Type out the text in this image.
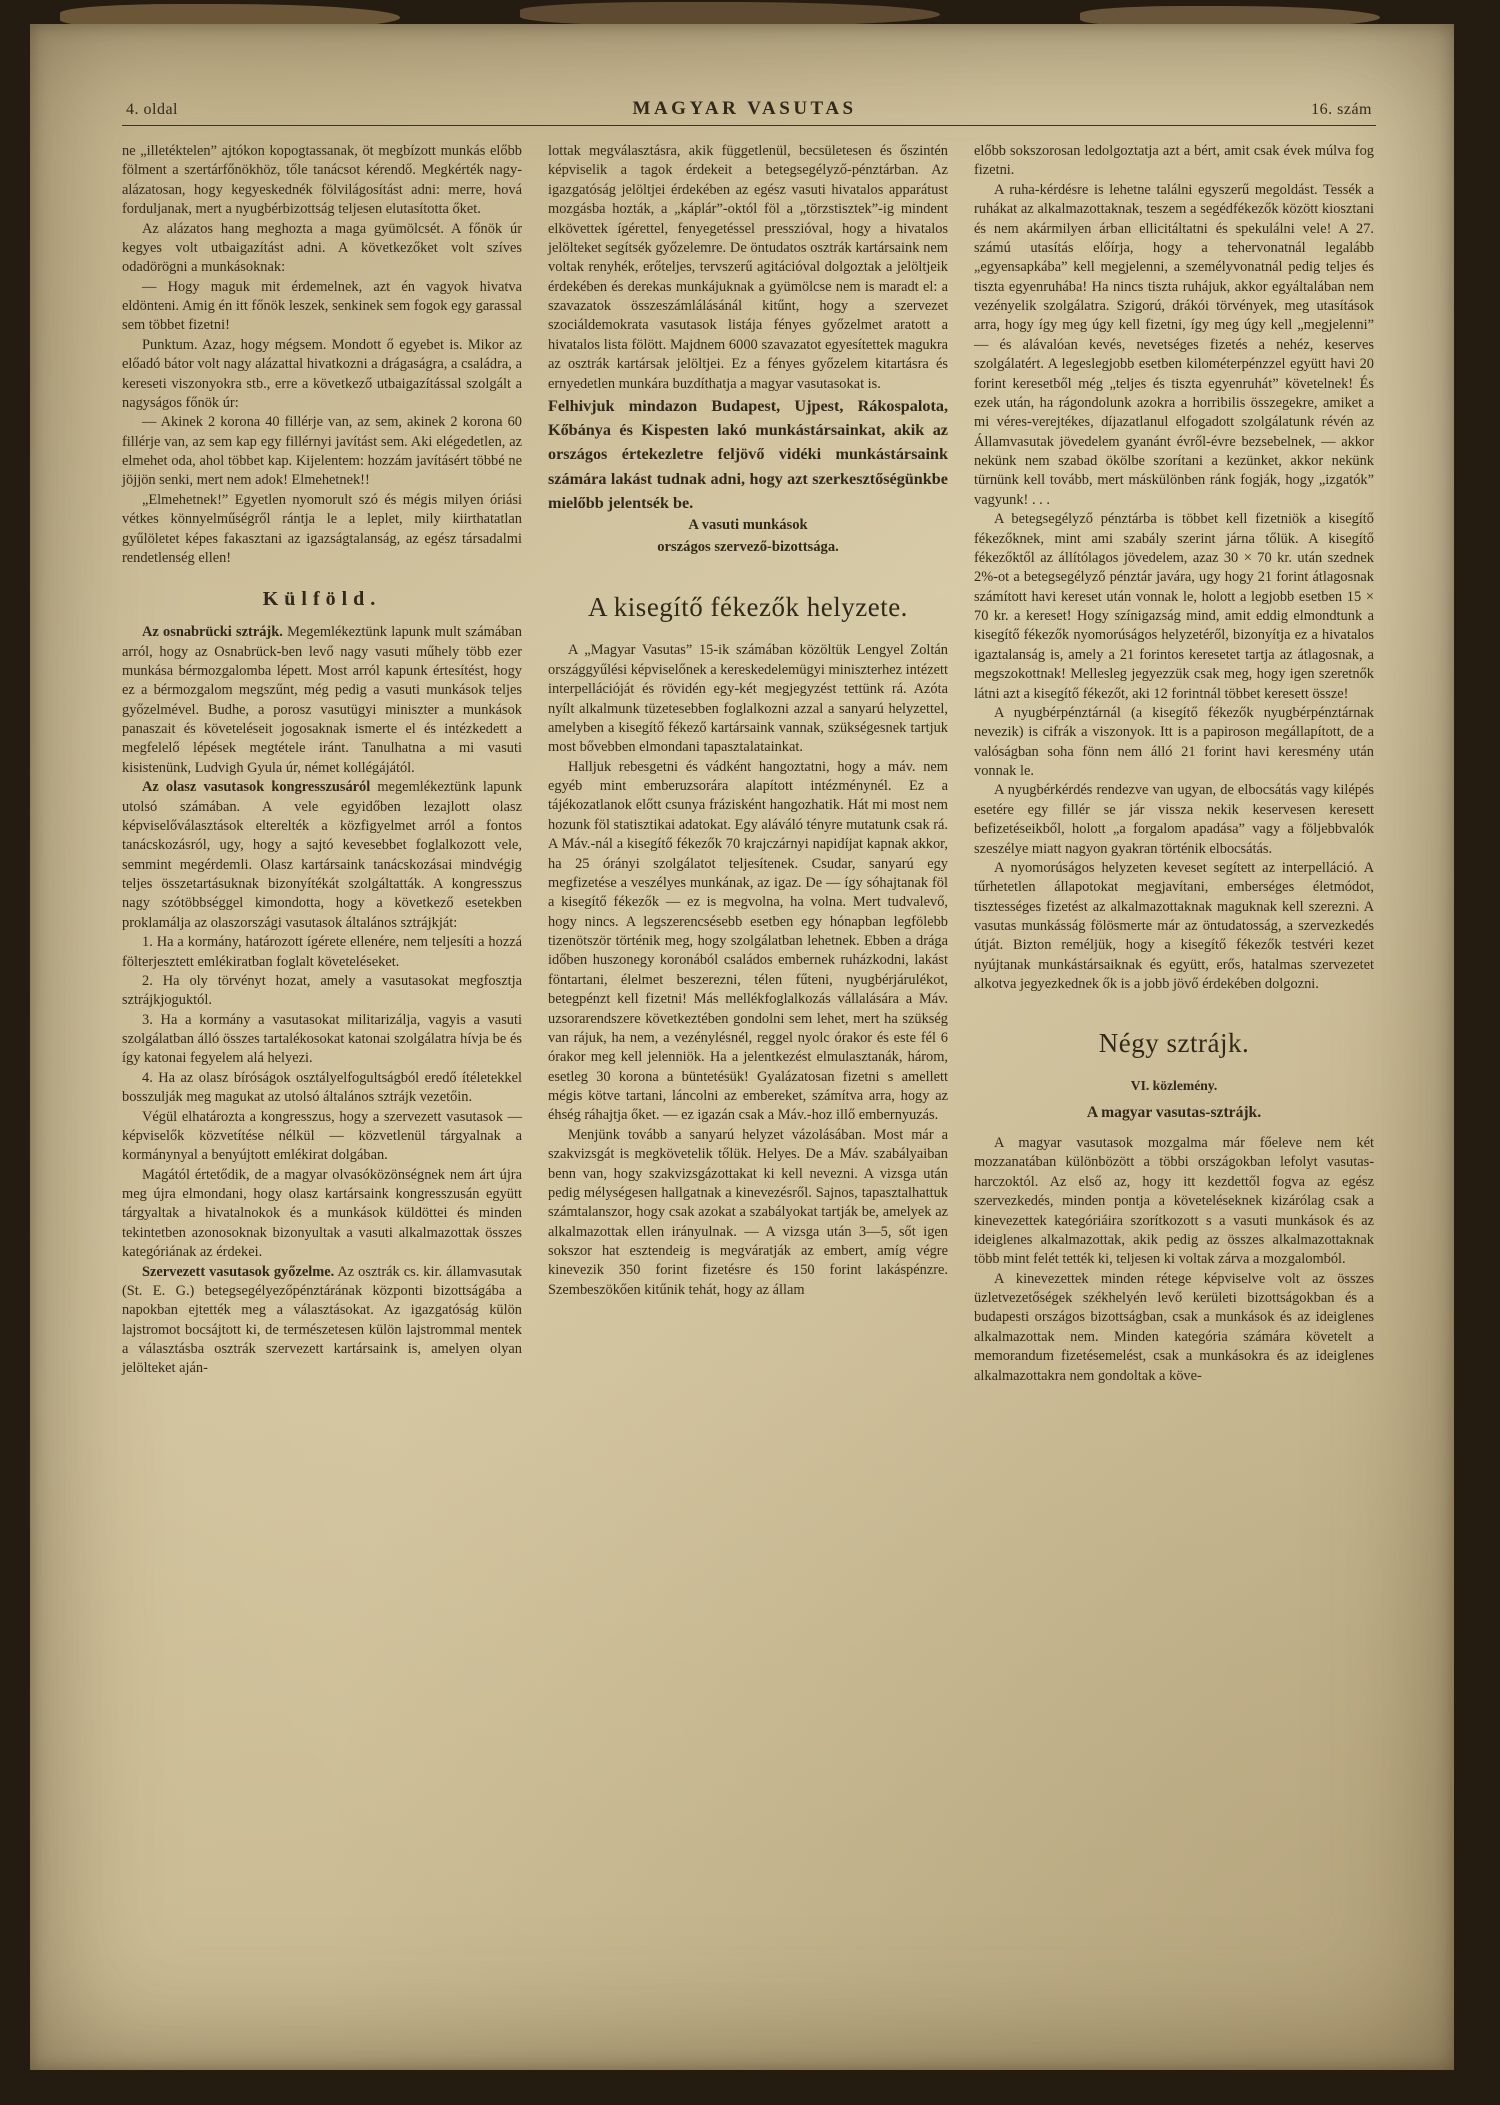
4. oldal	MAGYAR VASUTAS	16. szám

ne „illetéktelen” ajtókon kopogtassanak, öt megbízott munkás előbb fölment a szertárfőnökhöz, tőle tanácsot kérendő. Megkérték nagy-alázatosan, hogy kegyeskednék fölvilágosítást adni: merre, hová forduljanak, mert a nyugbérbizottság teljesen elutasította őket.

Az alázatos hang meghozta a maga gyümölcsét. A főnök úr kegyes volt utbaigazítást adni. A következőket volt szíves odadörögni a munkásoknak:

— Hogy maguk mit érdemelnek, azt én vagyok hivatva eldönteni. Amig én itt főnök leszek, senkinek sem fogok egy garassal sem többet fizetni!

Punktum. Azaz, hogy mégsem. Mondott ő egyebet is. Mikor az előadó bátor volt nagy alázattal hivatkozni a drágaságra, a családra, a kereseti viszonyokra stb., erre a következő utbaigazítással szolgált a nagyságos főnök úr:

— Akinek 2 korona 40 fillérje van, az sem, akinek 2 korona 60 fillérje van, az sem kap egy fillérnyi javítást sem. Aki elégedetlen, az elmehet oda, ahol többet kap. Kijelentem: hozzám javításért többé ne jöjjön senki, mert nem adok! Elmehetnek!!

„Elmehetnek!” Egyetlen nyomorult szó és mégis milyen óriási vétkes könnyelműségről rántja le a leplet, mily kiirthatatlan gyűlöletet képes fakasztani az igazságtalanság, az egész társadalmi rendetlenség ellen!

Külföld.

Az osnabrücki sztrájk. Megemlékeztünk lapunk mult számában arról, hogy az Osnabrück-ben levő nagy vasuti műhely több ezer munkása bérmozgalomba lépett. Most arról kapunk értesítést, hogy ez a bérmozgalom megszűnt, még pedig a vasuti munkások teljes győzelmével. Budhe, a porosz vasutügyi miniszter a munkások panaszait és követeléseit jogosaknak ismerte el és intézkedett a megfelelő lépések megtétele iránt. Tanulhatna a mi vasuti kisistenünk, Ludvigh Gyula úr, német kollégájától.

Az olasz vasutasok kongresszusáról megemlékeztünk lapunk utolsó számában. A vele egyidőben lezajlott olasz képviselőválasztások elterelték a közfigyelmet arról a fontos tanácskozásról, ugy, hogy a sajtó kevesebbet foglalkozott vele, semmint megérdemli. Olasz kartársaink tanácskozásai mindvégig teljes összetartásuknak bizonyítékát szolgáltatták. A kongresszus nagy szótöbbséggel kimondotta, hogy a következő esetekben proklamálja az olaszországi vasutasok általános sztrájkját:

1. Ha a kormány, határozott ígérete ellenére, nem teljesíti a hozzá fölterjesztett emlékiratban foglalt követeléseket.

2. Ha oly törvényt hozat, amely a vasutasokat megfosztja sztrájkjoguktól.

3. Ha a kormány a vasutasokat militarizálja, vagyis a vasuti szolgálatban álló összes tartalékosokat katonai szolgálatra hívja be és így katonai fegyelem alá helyezi.

4. Ha az olasz bíróságok osztályelfogultságból eredő ítéletekkel bosszulják meg magukat az utolsó általános sztrájk vezetőin.

Végül elhatározta a kongresszus, hogy a szervezett vasutasok — képviselők közvetítése nélkül — közvetlenül tárgyalnak a kormánynyal a benyújtott emlékirat dolgában.

Magától értetődik, de a magyar olvasóközönségnek nem árt újra meg újra elmondani, hogy olasz kartársaink kongresszusán együtt tárgyaltak a hivatalnokok és a munkások küldöttei és minden tekintetben azonosoknak bizonyultak a vasuti alkalmazottak összes kategóriának az érdekei.

Szervezett vasutasok győzelme. Az osztrák cs. kir. államvasutak (St. E. G.) betegsegélyezőpénztárának központi bizottságába a napokban ejtették meg a választásokat. Az igazgatóság külön lajstromot bocsájtott ki, de természetesen külön lajstrommal mentek a választásba osztrák szervezett kartársaink is, amelyen olyan jelölteket aján-

lottak megválasztásra, akik függetlenül, becsületesen és őszintén képviselik a tagok érdekeit a betegsegélyző-pénztárban. Az igazgatóság jelöltjei érdekében az egész vasuti hivatalos apparátust mozgásba hozták, a „káplár”-októl föl a „törzstisztek”-ig mindent elkövettek ígérettel, fenyegetéssel presszióval, hogy a hivatalos jelölteket segítsék győzelemre. De öntudatos osztrák kartársaink nem voltak renyhék, erőteljes, tervszerű agitációval dolgoztak a jelöltjeik érdekében és derekas munkájuknak a gyümölcse nem is maradt el: a szavazatok összeszámlálásánál kitűnt, hogy a szervezet szociáldemokrata vasutasok listája fényes győzelmet aratott a hivatalos lista fölött. Majdnem 6000 szavazatot egyesítettek magukra az osztrák kartársak jelöltjei. Ez a fényes győzelem kitartásra és ernyedetlen munkára buzdíthatja a magyar vasutasokat is.

Felhivjuk mindazon Budapest, Ujpest, Rákospalota, Kőbánya és Kispesten lakó munkástársainkat, akik az országos értekezletre feljövő vidéki munkástársaink számára lakást tudnak adni, hogy azt szerkesztőségünkbe mielőbb jelentsék be.

A vasuti munkások

országos szervező-bizottsága.

A kisegítő fékezők helyzete.

A „Magyar Vasutas” 15-ik számában közöltük Lengyel Zoltán országgyűlési képviselőnek a kereskedelemügyi miniszterhez intézett interpellációját és rövidén egy-két megjegyzést tettünk rá. Azóta nyílt alkalmunk tüzetesebben foglalkozni azzal a sanyarú helyzettel, amelyben a kisegítő fékező kartársaink vannak, szükségesnek tartjuk most bővebben elmondani tapasztalatainkat.

Halljuk rebesgetni és vádként hangoztatni, hogy a máv. nem egyéb mint emberuzsorára alapított intézménynél. Ez a tájékozatlanok előtt csunya frázisként hangozhatik. Hát mi most nem hozunk föl statisztikai adatokat. Egy aláváló tényre mutatunk csak rá. A Máv.-nál a kisegítő fékezők 70 krajczárnyi napidíjat kapnak akkor, ha 25 órányi szolgálatot teljesítenek. Csudar, sanyarú egy megfizetése a veszélyes munkának, az igaz. De — így sóhajtanak föl a kisegítő fékezők — ez is megvolna, ha volna. Mert tudvalevő, hogy nincs. A legszerencsésebb esetben egy hónapban legfölebb tizenötször történik meg, hogy szolgálatban lehetnek. Ebben a drága időben huszonegy koronából családos embernek ruházkodni, lakást föntartani, élelmet beszerezni, télen fűteni, nyugbérjárulékot, betegpénzt kell fizetni! Más mellékfoglalkozás vállalására a Máv. uzsorarendszere következtében gondolni sem lehet, mert ha szükség van rájuk, ha nem, a vezénylésnél, reggel nyolc órakor és este fél 6 órakor meg kell jelenniök. Ha a jelentkezést elmulasztanák, három, esetleg 30 korona a büntetésük! Gyalázatosan fizetni s amellett mégis kötve tartani, láncolni az embereket, számítva arra, hogy az éhség ráhajtja őket. — ez igazán csak a Máv.-hoz illő embernyuzás.

Menjünk tovább a sanyarú helyzet vázolásában. Most már a szakvizsgát is megkövetelik tőlük. Helyes. De a Máv. szabályaiban benn van, hogy szakvizsgázottakat ki kell nevezni. A vizsga után pedig mélységesen hallgatnak a kinevezésről. Sajnos, tapasztalhattuk számtalanszor, hogy csak azokat a szabályokat tartják be, amelyek az alkalmazottak ellen irányulnak. — A vizsga után 3—5, sőt igen sokszor hat esztendeig is megváratják az embert, amíg végre kinevezik 350 forint fizetésre és 150 forint lakáspénzre. Szembeszökően kitűnik tehát, hogy az állam

előbb sokszorosan ledolgoztatja azt a bért, amit csak évek múlva fog fizetni.

A ruha-kérdésre is lehetne találni egyszerű megoldást. Tessék a ruhákat az alkalmazottaknak, teszem a segédfékezők között kiosztani és nem akármilyen árban ellicitáltatni és spekulálni vele! A 27. számú utasítás előírja, hogy a tehervonatnál legalább „egyensapkába” kell megjelenni, a személyvonatnál pedig teljes és tiszta egyenruhába! Ha nincs tiszta ruhájuk, akkor egyáltalában nem vezényelik szolgálatra. Szigorú, drákói törvények, meg utasítások arra, hogy így meg úgy kell fizetni, így meg úgy kell „megjelenni” — és alávalóan kevés, nevetséges fizetés a nehéz, keserves szolgálatért. A legeslegjobb esetben kilométerpénzzel együtt havi 20 forint keresetből még „teljes és tiszta egyenruhát” követelnek! És ezek után, ha rágondolunk azokra a horribilis összegekre, amiket a mi véres-verejtékes, díjazatlanul elfogadott szolgálatunk révén az Államvasutak jövedelem gyanánt évről-évre bezsebelnek, — akkor nekünk nem szabad ökölbe szorítani a kezünket, akkor nekünk türnünk kell tovább, mert máskülönben ránk fogják, hogy „izgatók” vagyunk! . . .

A betegsegélyző pénztárba is többet kell fizetniök a kisegítő fékezőknek, mint ami szabály szerint járna tőlük. A kisegítő fékezőktől az állítólagos jövedelem, azaz 30 × 70 kr. után szednek 2%-ot a betegsegélyző pénztár javára, ugy hogy 21 forint átlagosnak számított havi kereset után vonnak le, holott a legjobb esetben 15 × 70 kr. a kereset! Hogy színigazság mind, amit eddig elmondtunk a kisegítő fékezők nyomorúságos helyzetéről, bizonyítja ez a hivatalos igaztalanság is, amely a 21 forintos keresetet tartja az átlagosnak, a megszokottnak! Mellesleg jegyezzük csak meg, hogy igen szeretnők látni azt a kisegítő fékezőt, aki 12 forintnál többet keresett össze!

A nyugbérpénztárnál (a kisegítő fékezők nyugbérpénztárnak nevezik) is cifrák a viszonyok. Itt is a papiroson megállapított, de a valóságban soha fönn nem álló 21 forint havi keresmény után vonnak le.

A nyugbérkérdés rendezve van ugyan, de elbocsátás vagy kilépés esetére egy fillér se jár vissza nekik keservesen keresett befizetéseikből, holott „a forgalom apadása” vagy a följebbvalók szeszélye miatt nagyon gyakran történik elbocsátás.

A nyomorúságos helyzeten keveset segített az interpelláció. A tűrhetetlen állapotokat megjavítani, emberséges életmódot, tisztességes fizetést az alkalmazottaknak maguknak kell szerezni. A vasutas munkásság fölösmerte már az öntudatosság, a szervezkedés útját. Bizton reméljük, hogy a kisegítő fékezők testvéri kezet nyújtanak munkástársaiknak és együtt, erős, hatalmas szervezetet alkotva jegyezkednek ők is a jobb jövő érdekében dolgozni.

Négy sztrájk.
VI. közlemény.
A magyar vasutas-sztrájk.

A magyar vasutasok mozgalma már főeleve nem két mozzanatában különbözött a többi országokban lefolyt vasutas-harczoktól. Az első az, hogy itt kezdettől fogva az egész szervezkedés, minden pontja a követeléseknek kizárólag csak a kinevezettek kategóriáira szorítkozott s a vasuti munkások és az ideiglenes alkalmazottak, akik pedig az összes alkalmazottaknak több mint felét tették ki, teljesen ki voltak zárva a mozgalomból.

A kinevezettek minden rétege képviselve volt az összes üzletvezetőségek székhelyén levő kerületi bizottságokban és a budapesti országos bizottságban, csak a munkások és az ideiglenes alkalmazottak nem. Minden kategória számára követelt a memorandum fizetésemelést, csak a munkásokra és az ideiglenes alkalmazottakra nem gondoltak a köve-
